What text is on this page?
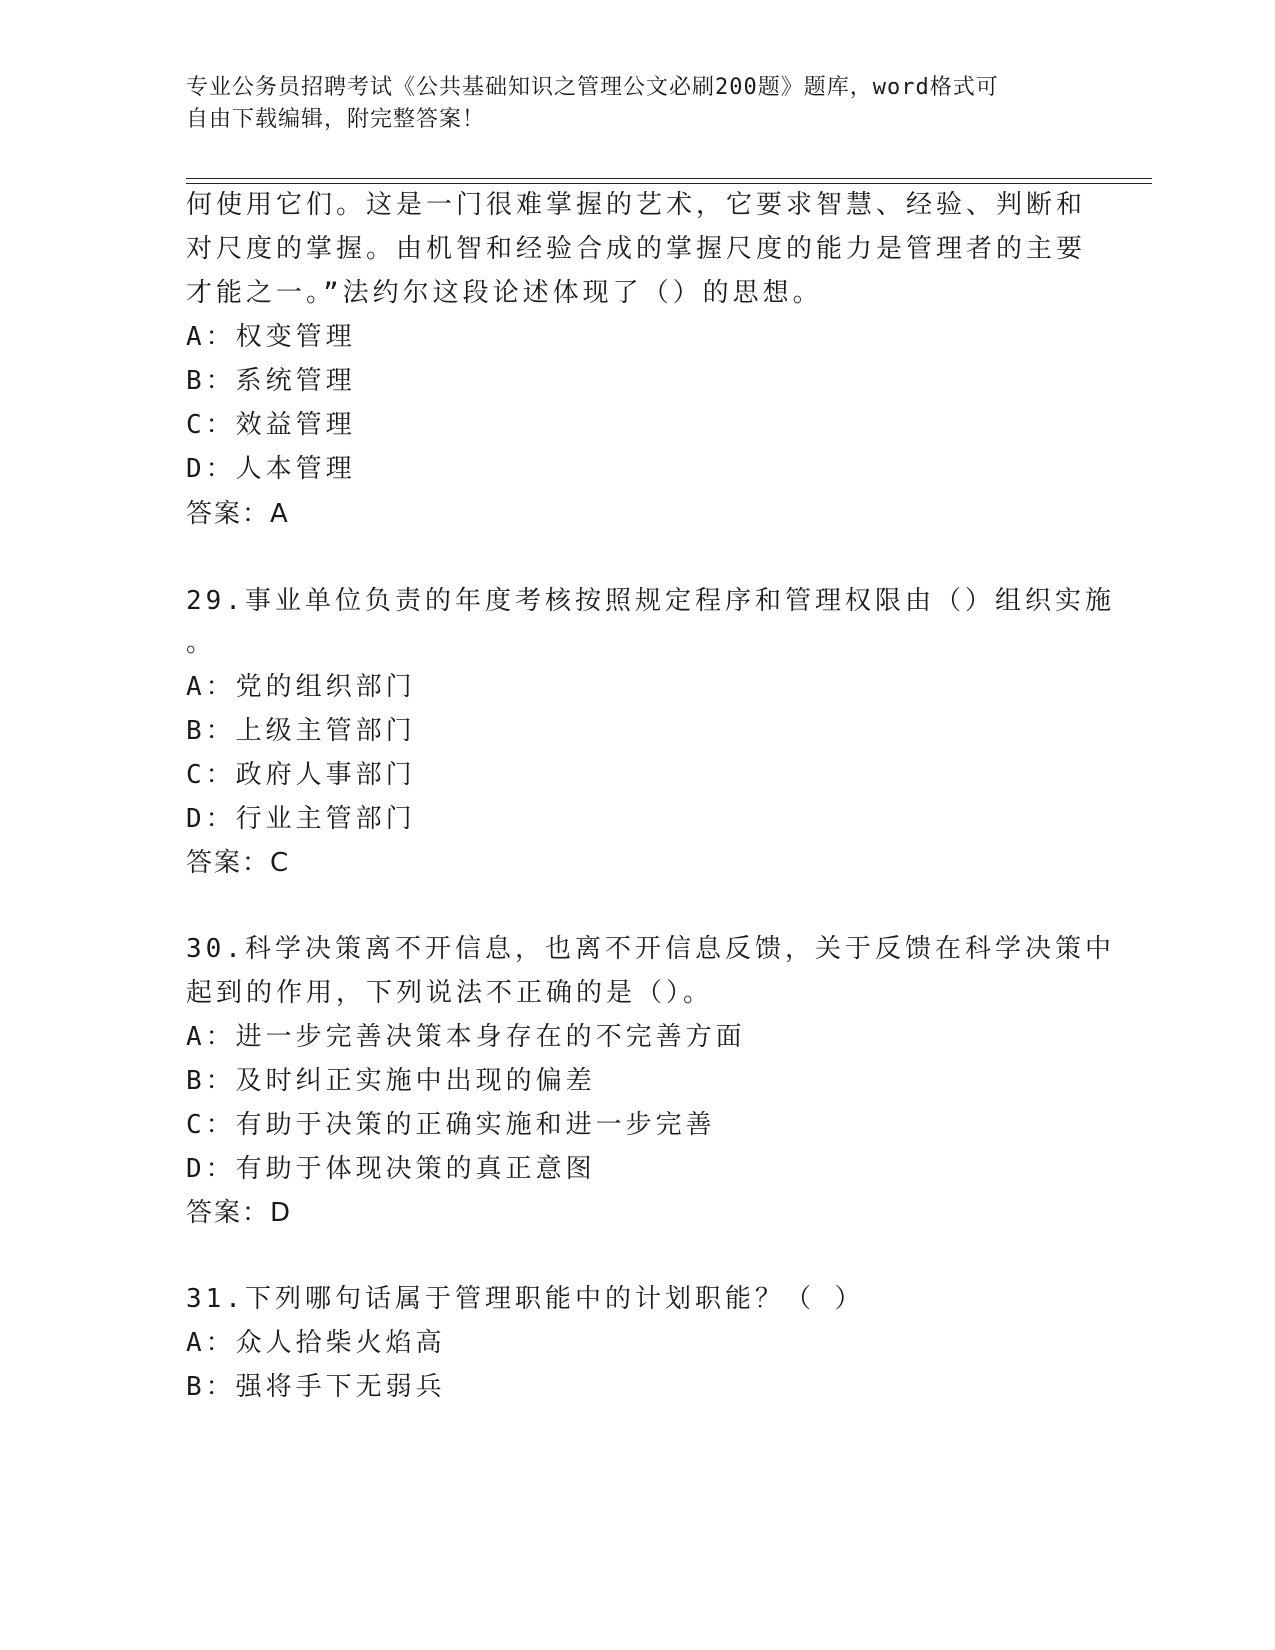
专业公务员招聘考试《公共基础知识之管理公文必刷200题》题库，word格式可
自由下载编辑，附完整答案！
何使用它们。这是一门很难掌握的艺术，它要求智慧、经验、判断和
对尺度的掌握。由机智和经验合成的掌握尺度的能力是管理者的主要
才能之一。”法约尔这段论述体现了（）的思想。
A：权变管理
B：系统管理
C：效益管理
D：人本管理
答案：A
29.事业单位负责的年度考核按照规定程序和管理权限由（）组织实施
。
A：党的组织部门
B：上级主管部门
C：政府人事部门
D：行业主管部门
答案：C
30.科学决策离不开信息，也离不开信息反馈，关于反馈在科学决策中
起到的作用，下列说法不正确的是（）。
A：进一步完善决策本身存在的不完善方面
B：及时纠正实施中出现的偏差
C：有助于决策的正确实施和进一步完善
D：有助于体现决策的真正意图
答案：D
31.下列哪句话属于管理职能中的计划职能？（ ）
A：众人拾柴火焰高
B：强将手下无弱兵
